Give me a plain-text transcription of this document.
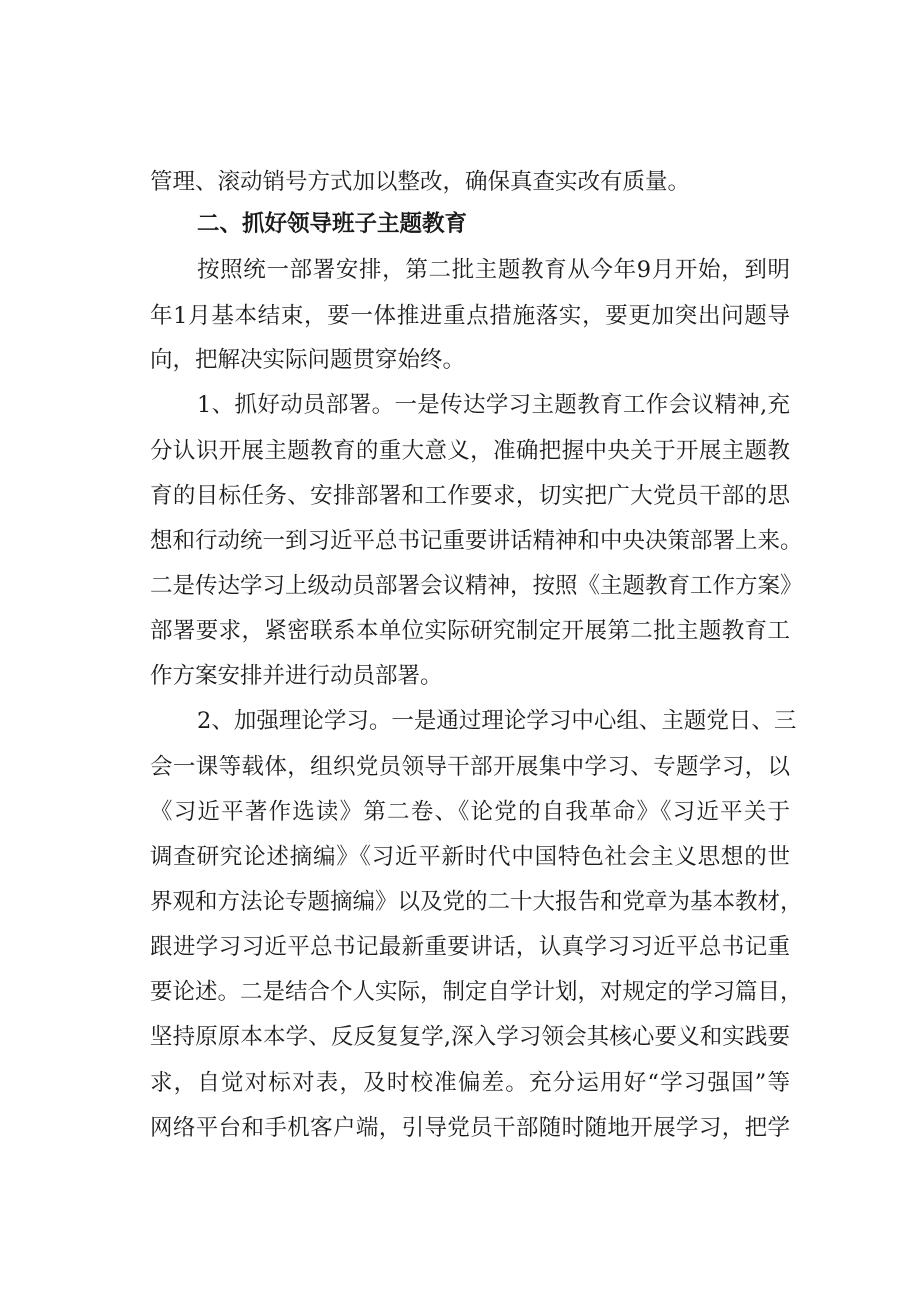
管理、滚动销号方式加以整改，确保真查实改有质量。
二、抓好领导班子主题教育
按照统一部署安排，第二批主题教育从今年9月开始，到明
年1月基本结束，要一体推进重点措施落实，要更加突出问题导
向，把解决实际问题贯穿始终。
1、抓好动员部署。一是传达学习主题教育工作会议精神,充
分认识开展主题教育的重大意义，准确把握中央关于开展主题教
育的目标任务、安排部署和工作要求，切实把广大党员干部的思
想和行动统一到习近平总书记重要讲话精神和中央决策部署上来。
二是传达学习上级动员部署会议精神，按照《主题教育工作方案》
部署要求，紧密联系本单位实际研究制定开展第二批主题教育工
作方案安排并进行动员部署。
2、加强理论学习。一是通过理论学习中心组、主题党日、三
会一课等载体，组织党员领导干部开展集中学习、专题学习，以
《习近平著作选读》第二卷、《论党的自我革命》《习近平关于
调查研究论述摘编》《习近平新时代中国特色社会主义思想的世
界观和方法论专题摘编》以及党的二十大报告和党章为基本教材，
跟进学习习近平总书记最新重要讲话，认真学习习近平总书记重
要论述。二是结合个人实际，制定自学计划，对规定的学习篇目，
坚持原原本本学、反反复复学,深入学习领会其核心要义和实践要
求，自觉对标对表，及时校准偏差。充分运用好“学习强国”等
网络平台和手机客户端，引导党员干部随时随地开展学习，把学
